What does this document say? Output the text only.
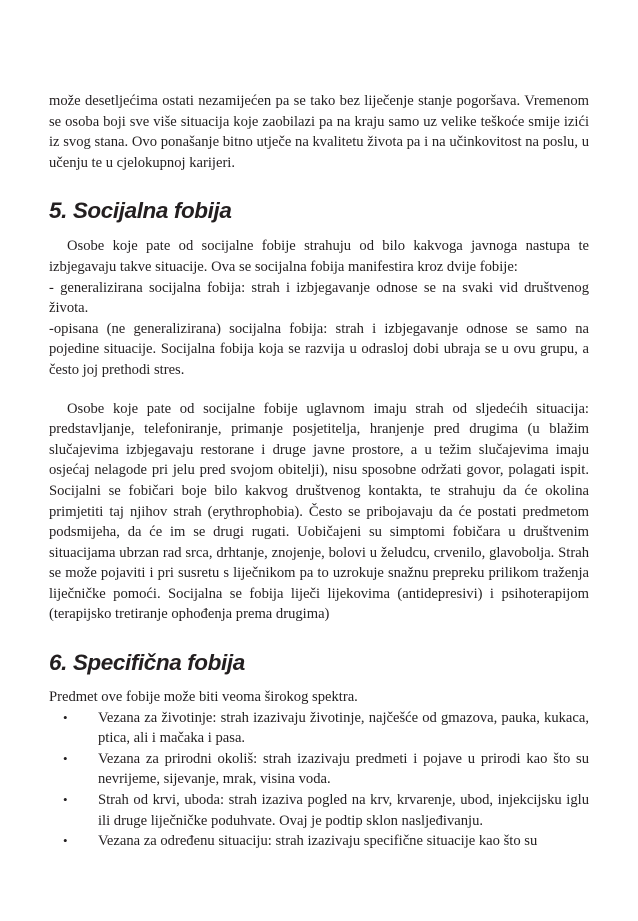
može desetljećima ostati nezamijećen pa se tako bez liječenje stanje pogoršava. Vremenom se osoba boji sve više situacija koje zaobilazi pa na kraju samo uz velike teškoće smije izići iz svog stana. Ovo ponašanje bitno utječe na kvalitetu života pa i na učinkovitost na poslu, u učenju te u cjelokupnoj karijeri.

5. Socijalna fobija

Osobe koje pate od socijalne fobije strahuju od bilo kakvoga javnoga nastupa te izbjegavaju takve situacije. Ova se socijalna fobija manifestira kroz dvije fobije:

- generalizirana socijalna fobija: strah i izbjegavanje odnose se na svaki vid društvenog života.

-opisana (ne generalizirana) socijalna fobija: strah i izbjegavanje odnose se samo na pojedine situacije. Socijalna fobija koja se razvija u odrasloj dobi ubraja se u ovu grupu, a često joj prethodi stres.

Osobe koje pate od socijalne fobije uglavnom imaju strah od sljedećih situacija: predstavljanje, telefoniranje, primanje posjetitelja, hranjenje pred drugima (u blažim slučajevima izbjegavaju restorane i druge javne prostore, a u težim slučajevima imaju osjećaj nelagode pri jelu pred svojom obitelji), nisu sposobne održati govor, polagati ispit. Socijalni se fobičari boje bilo kakvog društvenog kontakta, te strahuju da će okolina primjetiti taj njihov strah (erythrophobia). Često se pribojavaju da će postati predmetom podsmijeha, da će im se drugi rugati. Uobičajeni su simptomi fobičara u društvenim situacijama ubrzan rad srca, drhtanje, znojenje, bolovi u želudcu, crvenilo, glavobolja. Strah se može pojaviti i pri susretu s liječnikom pa to uzrokuje snažnu prepreku prilikom traženja liječničke pomoći. Socijalna se fobija liječi lijekovima (antidepresivi) i psihoterapijom (terapijsko tretiranje ophođenja prema drugima)

6. Specifična fobija

Predmet ove fobije može biti veoma širokog spektra.

• Vezana za životinje: strah izazivaju životinje, najčešće od gmazova, pauka, kukaca, ptica, ali i mačaka i pasa.
• Vezana za prirodni okoliš: strah izazivaju predmeti i pojave u prirodi kao što su nevrijeme, sijevanje, mrak, visina voda.
• Strah od krvi, uboda: strah izaziva pogled na krv, krvarenje, ubod, injekcijsku iglu ili druge liječničke poduhvate. Ovaj je podtip sklon nasljeđivanju.
• Vezana za određenu situaciju: strah izazivaju specifične situacije kao što su
